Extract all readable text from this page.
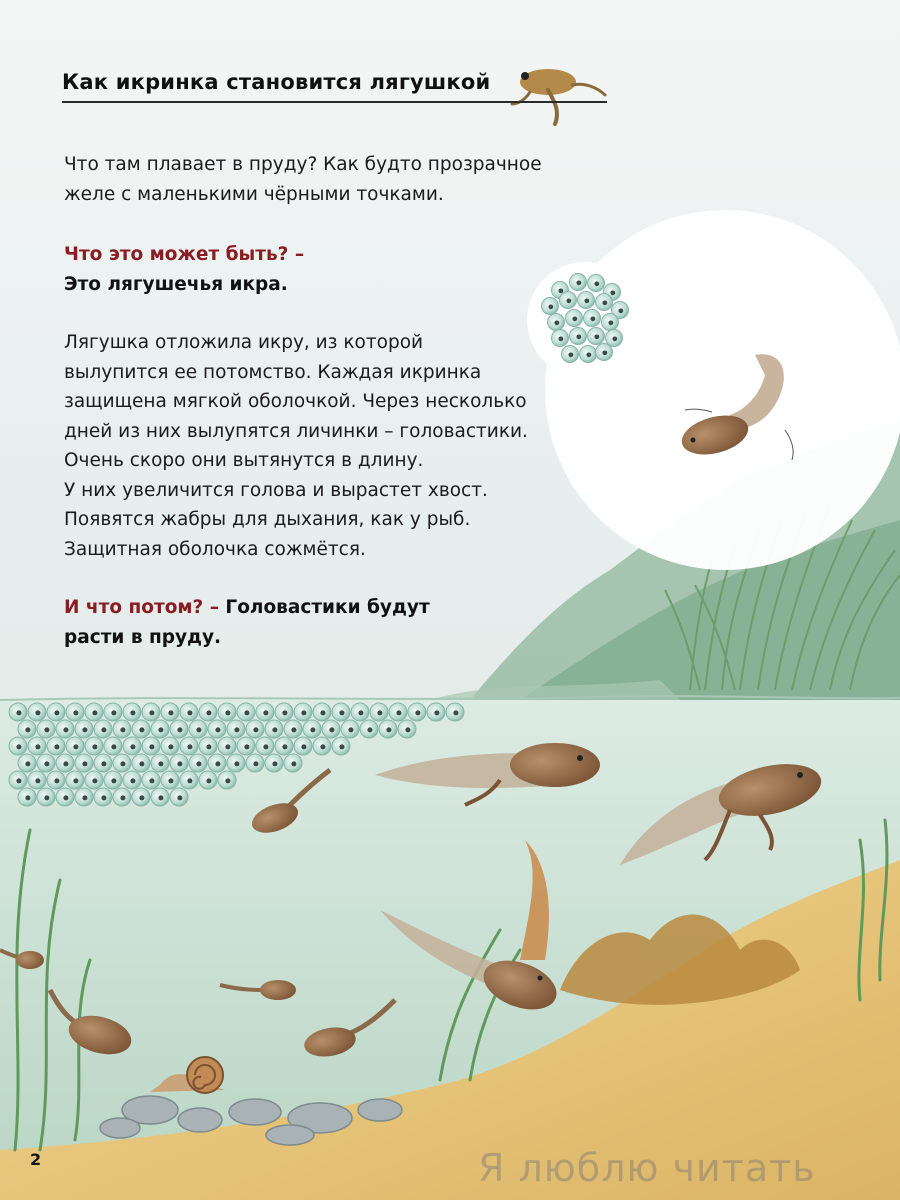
Как икринка становится лягушкой
Что там плавает в пруду? Как будто прозрачное
желе с маленькими чёрными точками.
Что это может быть? –
Это лягушечья икра.
Лягушка отложила икру, из которой
вылупится ее потомство. Каждая икринка
защищена мягкой оболочкой. Через несколько
дней из них вылупятся личинки – головастики.
Очень скоро они вытянутся в длину.
У них увеличится голова и вырастет хвост.
Появятся жабры для дыхания, как у рыб.
Защитная оболочка сожмётся.
И что потом? – Головастики будут
расти в пруду.
2	Я люблю читать
